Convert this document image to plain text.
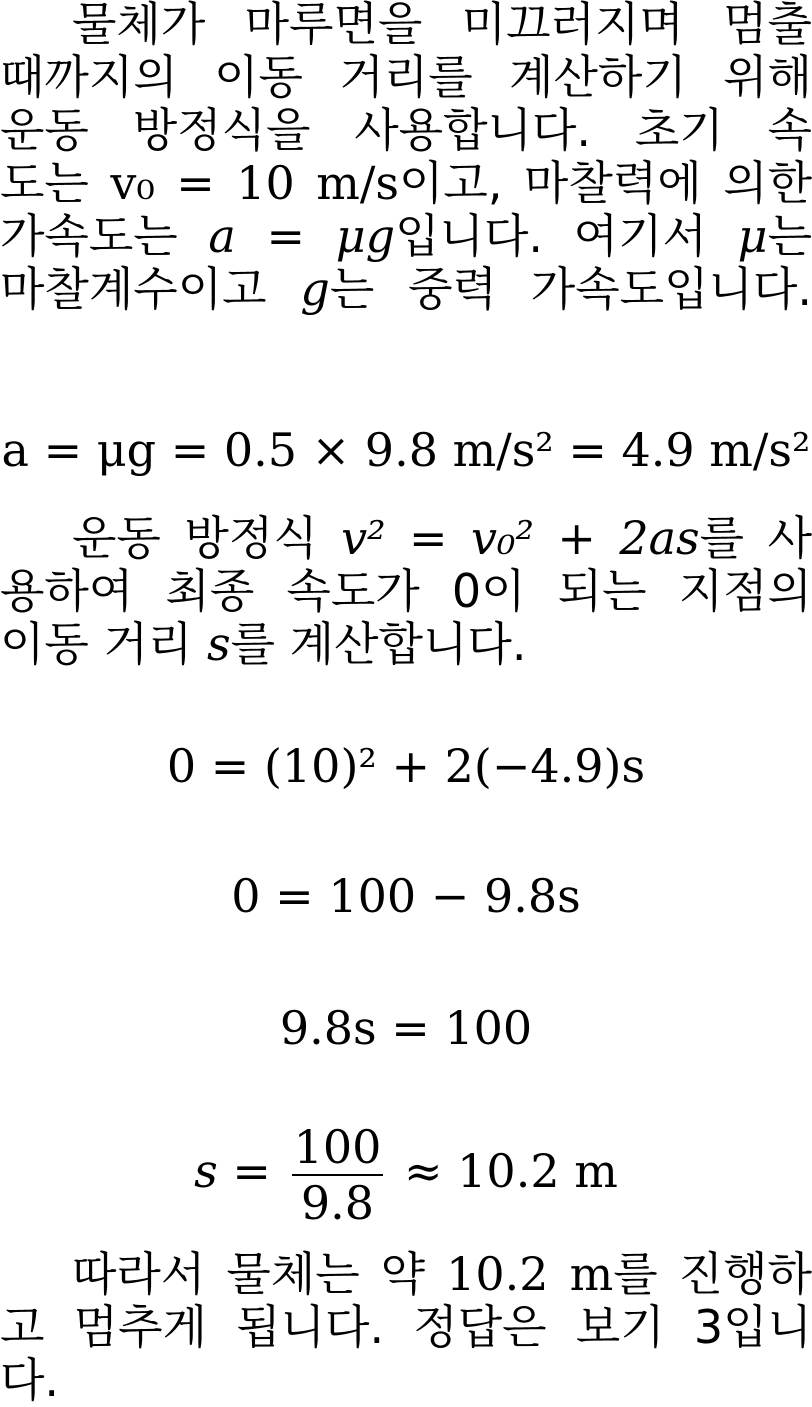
물체가 마루면을 미끄러지며 멈출
때까지의 이동 거리를 계산하기 위해
운동 방정식을 사용합니다. 초기 속
도는 v₀ = 10 m/s이고, 마찰력에 의한
가속도는 a = μg입니다. 여기서 μ는
마찰계수이고 g는 중력 가속도입니다.
a = μg = 0.5 × 9.8 m/s² = 4.9 m/s²
운동 방정식 v² = v₀² + 2as를 사
용하여 최종 속도가 0이 되는 지점의
이동 거리 s를 계산합니다.
0 = (10)² + 2(−4.9)s
0 = 100 − 9.8s
9.8s = 100
$s = \frac{100}{9.8} \approx 10.2$ m
따라서 물체는 약 10.2 m를 진행하
고 멈추게 됩니다. 정답은 보기 3입니
다.
